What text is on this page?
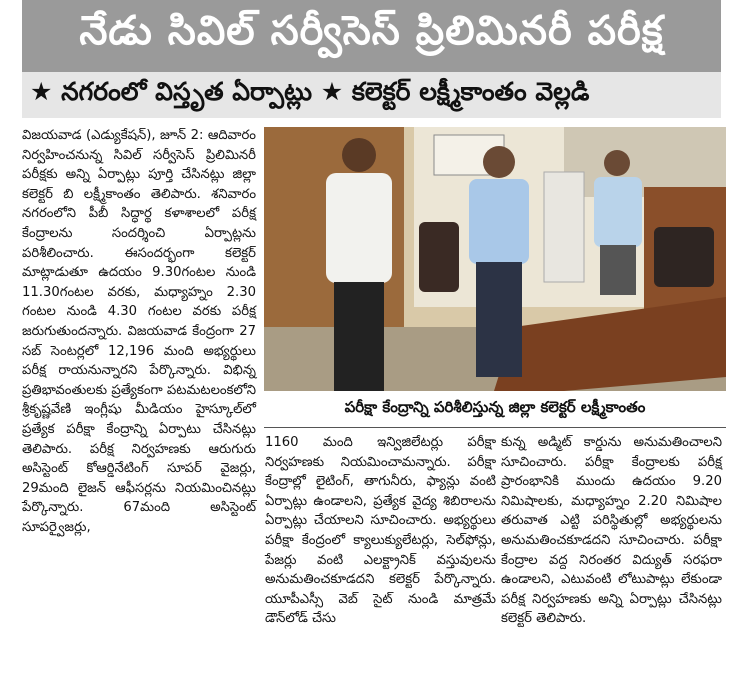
నేడు సివిల్ సర్వీసెస్ ప్రిలిమినరీ పరీక్ష
★ నగరంలో విస్తృత ఏర్పాట్లు ★ కలెక్టర్ లక్ష్మీకాంతం వెల్లడి

విజయవాడ (ఎడ్యుకేషన్), జూన్ 2: ఆదివారం నిర్వహించనున్న సివిల్ సర్వీసెస్ ప్రిలిమినరీ పరీక్షకు అన్ని ఏర్పాట్లు పూర్తి చేసినట్లు జిల్లా కలెక్టర్ బి లక్ష్మీకాంతం తెలిపారు. శనివారం నగరంలోని పీబీ సిద్ధార్థ కళాశాలలో పరీక్ష కేంద్రాలను సందర్శించి ఏర్పాట్లను పరిశీలించారు. ఈసందర్భంగా కలెక్టర్ మాట్లాడుతూ ఉదయం 9.30గంటల నుండి 11.30గంటల వరకు, మధ్యాహ్నం 2.30 గంటల నుండి 4.30 గంటల వరకు పరీక్ష జరుగుతుందన్నారు. విజయవాడ కేంద్రంగా 27 సబ్ సెంటర్లలో 12,196 మంది అభ్యర్థులు పరీక్ష రాయనున్నారని పేర్కొన్నారు. విభిన్న ప్రతిభావంతులకు ప్రత్యేకంగా పటమటలంకలోని శ్రీకృష్ణవేణి ఇంగ్లీషు మీడియం హైస్కూల్‌లో ప్రత్యేక పరీక్షా కేంద్రాన్ని ఏర్పాటు చేసినట్లు తెలిపారు. పరీక్ష నిర్వహణకు ఆరుగురు అసిస్టెంట్ కోఆర్డినేటింగ్ సూపర్ వైజర్లు, 29మంది లైజన్ ఆఫీసర్లను నియమించినట్లు పేర్కొన్నారు. 67మంది అసిస్టెంట్ సూపర్వైజర్లు,

పరీక్షా కేంద్రాన్ని పరిశీలిస్తున్న జిల్లా కలెక్టర్ లక్ష్మీకాంతం

1160 మంది ఇన్విజిలేటర్లు పరీక్షా నిర్వహణకు నియమించామన్నారు. పరీక్షా కేంద్రాల్లో లైటింగ్, తాగునీరు, ఫ్యాన్లు వంటి ఏర్పాట్లు ఉండాలని, ప్రత్యేక వైద్య శిబిరాలను ఏర్పాట్లు చేయాలని సూచించారు. అభ్యర్థులు పరీక్షా కేంద్రంలో క్యాలుక్యులేటర్లు, సెల్‌ఫోన్లు, పేజర్లు వంటి ఎలక్ట్రానిక్ వస్తువులను అనుమతించకూడదని కలెక్టర్ పేర్కొన్నారు. యూపీఎస్సీ వెబ్ సైట్ నుండి మాత్రమే డౌన్‌లోడ్ చేసు

కున్న అడ్మిట్ కార్డును అనుమతించాలని సూచించారు. పరీక్షా కేంద్రాలకు పరీక్ష ప్రారంభానికి ముందు ఉదయం 9.20 నిమిషాలకు, మధ్యాహ్నం 2.20 నిమిషాల తరువాత ఎట్టి పరిస్థితుల్లో అభ్యర్థులను అనుమతించకూడదని సూచించారు. పరీక్షా కేంద్రాల వద్ద నిరంతర విద్యుత్ సరఫరా ఉండాలని, ఎటువంటి లోటుపాట్లు లేకుండా పరీక్ష నిర్వహణకు అన్ని ఏర్పాట్లు చేసినట్లు కలెక్టర్ తెలిపారు.
